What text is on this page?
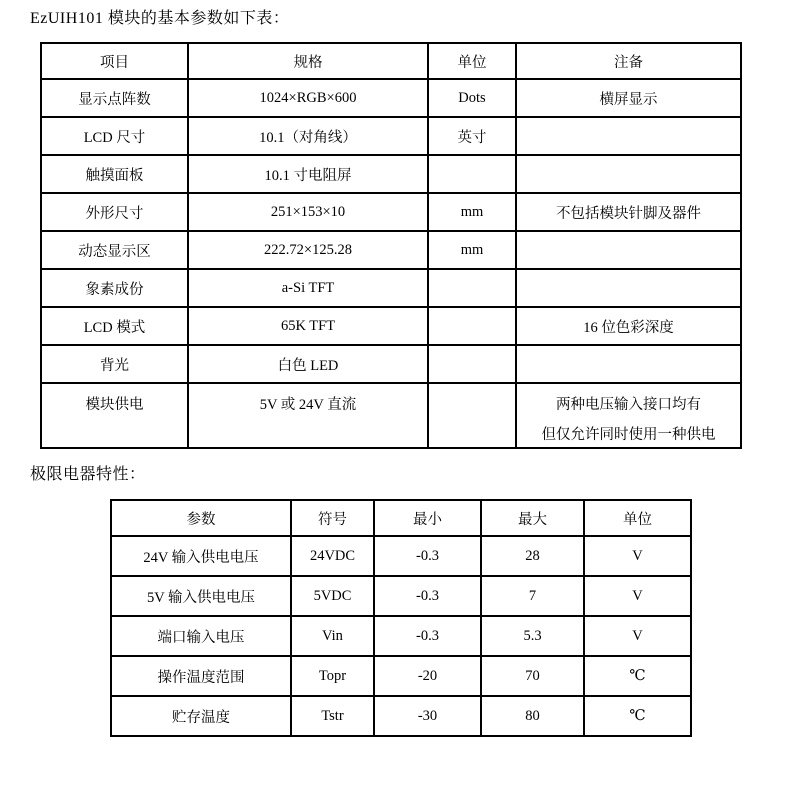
EzUIH101 模块的基本参数如下表：
项目	规格	单位	注备
显示点阵数	1024×RGB×600	Dots	横屏显示
LCD 尺寸	10.1（对角线）	英寸	
触摸面板	10.1 寸电阻屏		
外形尺寸	251×153×10	mm	不包括模块针脚及器件
动态显示区	222.72×125.28	mm	
象素成份	a-Si TFT		
LCD 模式	65K TFT		16 位色彩深度
背光	白色 LED		
模块供电	5V 或 24V 直流		两种电压输入接口均有
但仅允许同时使用一种供电
极限电器特性：
参数	符号	最小	最大	单位
24V 输入供电电压	24VDC	-0.3	28	V
5V 输入供电电压	5VDC	-0.3	7	V
端口输入电压	Vin	-0.3	5.3	V
操作温度范围	Topr	-20	70	℃
贮存温度	Tstr	-30	80	℃
